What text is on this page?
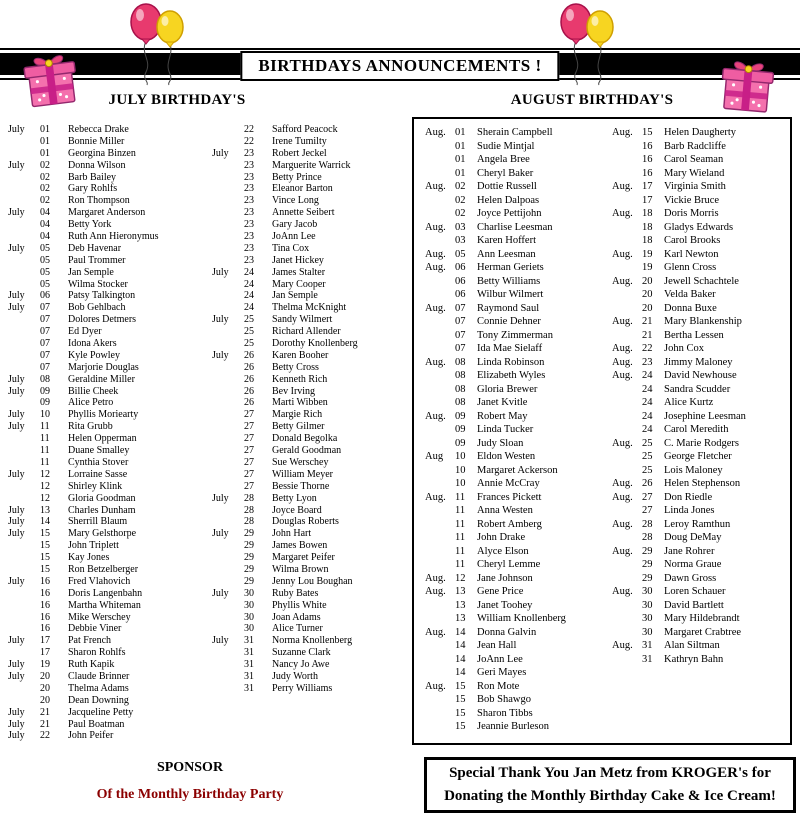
BIRTHDAYS ANNOUNCEMENTS !
JULY BIRTHDAY'S	AUGUST BIRTHDAY'S
July	01	Rebecca Drake
01	Bonnie Miller
01	Georgina Binzen
July	02	Donna Wilson
02	Barb Bailey
02	Gary Rohlfs
02	Ron Thompson
July	04	Margaret Anderson
04	Betty York
04	Ruth Ann Hieronymus
July	05	Deb Havenar
05	Paul Trommer
05	Jan Semple
05	Wilma Stocker
July	06	Patsy Talkington
July	07	Bob Gehlbach
07	Dolores Detmers
07	Ed Dyer
07	Idona Akers
07	Kyle Powley
07	Marjorie Douglas
July	08	Geraldine Miller
July	09	Billie Cheek
09	Alice Petro
July	10	Phyllis Moriearty
July	11	Rita Grubb
11	Helen Opperman
11	Duane Smalley
11	Cynthia Stover
July	12	Lorraine Sasse
12	Shirley Klink
12	Gloria Goodman
July	13	Charles Dunham
July	14	Sherrill Blaum
July	15	Mary Gelsthorpe
15	John Triplett
15	Kay Jones
15	Ron Betzelberger
July	16	Fred Vlahovich
16	Doris Langenbahn
16	Martha Whiteman
16	Mike Werschey
16	Debbie Viner
July	17	Pat French
17	Sharon Rohlfs
July	19	Ruth Kapik
July	20	Claude Brinner
20	Thelma Adams
20	Dean Downing
July	21	Jacqueline Petty
July	21	Paul Boatman
July	22	John Peifer
22	Safford Peacock
22	Irene Tumilty
July	23	Robert Jeckel
23	Marguerite Warrick
23	Betty Prince
23	Eleanor Barton
23	Vince Long
23	Annette Seibert
23	Gary Jacob
23	JoAnn Lee
23	Tina Cox
23	Janet Hickey
July	24	James Stalter
24	Mary Cooper
24	Jan Semple
24	Thelma McKnight
July	25	Sandy Wilmert
25	Richard Allender
25	Dorothy Knollenberg
July	26	Karen Booher
26	Betty Cross
26	Kenneth Rich
26	Bev Irving
26	Marti Wibben
27	Margie Rich
27	Betty Gilmer
27	Donald Begolka
27	Gerald Goodman
27	Sue Werschey
27	William Meyer
27	Bessie Thorne
July	28	Betty Lyon
28	Joyce Board
28	Douglas Roberts
July	29	John Hart
29	James Bowen
29	Margaret Peifer
29	Wilma Brown
29	Jenny Lou Boughan
July	30	Ruby Bates
30	Phyllis White
30	Joan Adams
30	Alice Turner
July	31	Norma Knollenberg
31	Suzanne Clark
31	Nancy Jo Awe
31	Judy Worth
31	Perry Williams
Aug. 01	Sherain Campbell
01	Sudie Mintjal
01	Angela Bree
01	Cheryl Baker
Aug. 02	Dottie Russell
02	Helen Dalpoas
02	Joyce Pettijohn
Aug. 03	Charlise Leesman
03	Karen Hoffert
Aug. 05	Ann Leesman
Aug. 06	Herman Geriets
06	Betty Williams
06	Wilbur Wilmert
Aug. 07	Raymond Saul
07	Connie Dehner
07	Tony Zimmerman
07	Ida Mae Sielaff
Aug. 08	Linda Robinson
08	Elizabeth Wyles
08	Gloria Brewer
08	Janet Kvitle
Aug. 09	Robert May
09	Linda Tucker
09	Judy Sloan
Aug	10	Eldon Westen
10	Margaret Ackerson
10	Annie McCray
Aug. 11	Frances Pickett
11	Anna Westen
11	Robert Amberg
11	John Drake
11	Alyce Elson
11	Cheryl Lemme
Aug. 12	Jane Johnson
Aug. 13	Gene Price
13	Janet Toohey
13	William Knollenberg
Aug. 14	Donna Galvin
14	Jean Hall
14	JoAnn Lee
14	Geri Mayes
Aug. 15	Ron Mote
15	Bob Shawgo
15	Sharon Tibbs
15	Jeannie Burleson
Aug. 15	Helen Daugherty
16	Barb Radcliffe
16	Carol Seaman
16	Mary Wieland
Aug. 17	Virginia Smith
17	Vickie Bruce
Aug. 18	Doris Morris
18	Gladys Edwards
18	Carol Brooks
Aug. 19	Karl Newton
19	Glenn Cross
Aug. 20	Jewell Schachtele
20	Velda Baker
20	Donna Buxe
Aug. 21	Mary Blankenship
21	Bertha Lessen
Aug. 22	John Cox
Aug. 23	Jimmy Maloney
Aug. 24	David Newhouse
24	Sandra Scudder
24	Alice Kurtz
24	Josephine Leesman
24	Carol Meredith
Aug. 25	C. Marie Rodgers
25	George Fletcher
25	Lois Maloney
Aug. 26	Helen Stephenson
Aug. 27	Don Riedle
27	Linda Jones
Aug. 28	Leroy Ramthun
28	Doug DeMay
Aug. 29	Jane Rohrer
29	Norma Graue
29	Dawn Gross
Aug. 30	Loren Schauer
30	David Bartlett
30	Mary Hildebrandt
30	Margaret Crabtree
Aug. 31	Alan Siltman
31	Kathryn Bahn
SPONSOR
Of the Monthly Birthday Party
Special Thank You Jan Metz from KROGER's for
Donating the Monthly Birthday Cake & Ice Cream!
